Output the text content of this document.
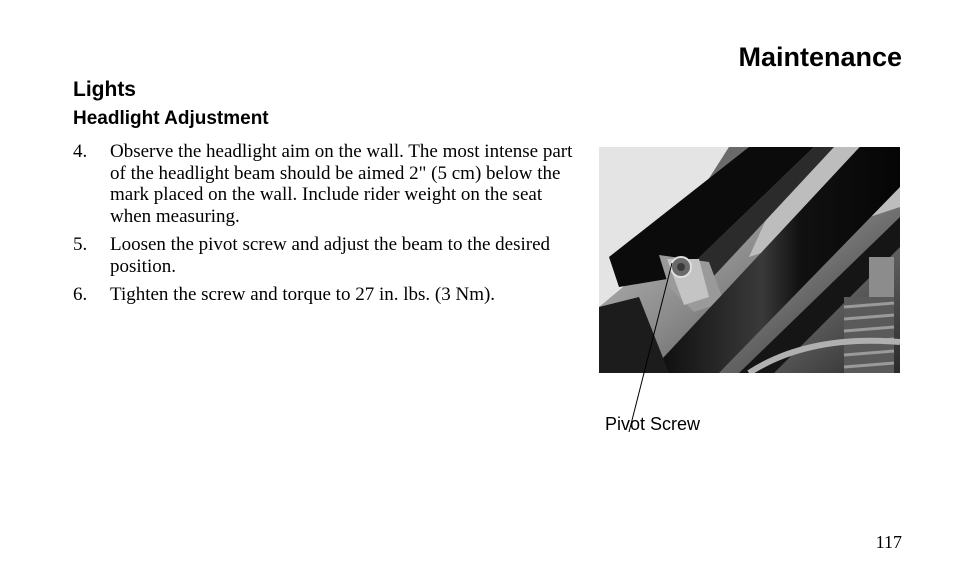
Maintenance
Lights
Headlight Adjustment
4.	Observe the headlight aim on the wall. The most intense part of the headlight beam should be aimed 2" (5 cm) below the mark placed on the wall. Include rider weight on the seat when measuring.
5.	Loosen the pivot screw and adjust the beam to the desired position.
6.	Tighten the screw and torque to 27 in. lbs. (3 Nm).
Pivot Screw
117
